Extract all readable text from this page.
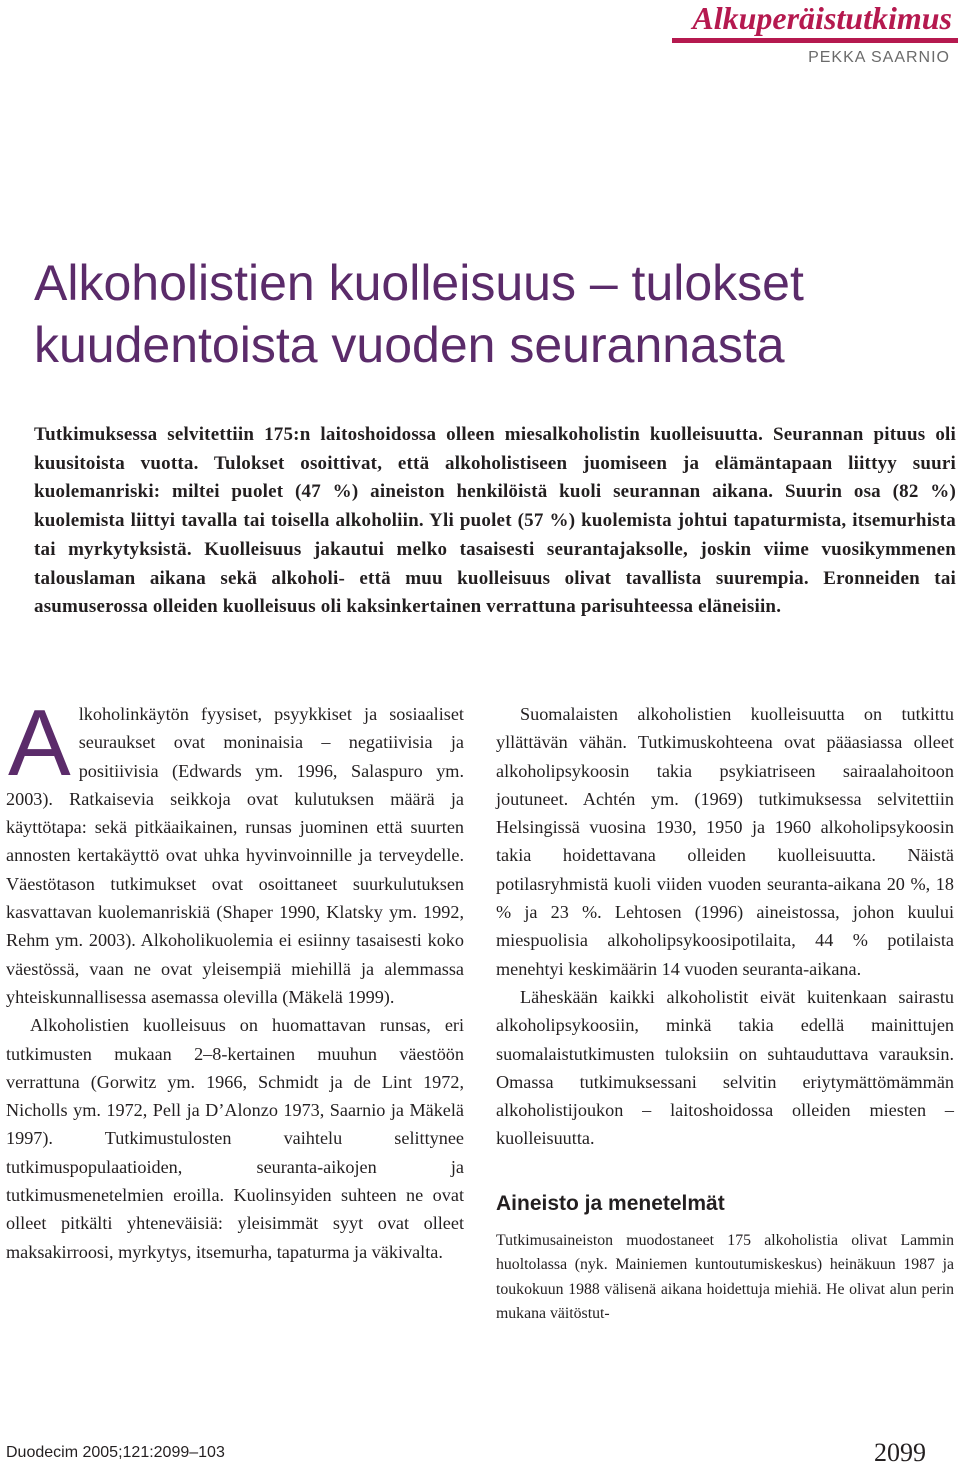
Alkuperäistutkimus

PEKKA SAARNIO

Alkoholistien kuolleisuus – tulokset kuudentoista vuoden seurannasta

Tutkimuksessa selvitettiin 175:n laitoshoidossa olleen miesalkoholistin kuolleisuutta. Seurannan pituus oli kuusitoista vuotta. Tulokset osoittivat, että alkoholistiseen juomiseen ja elämäntapaan liittyy suuri kuolemanriski: miltei puolet (47 %) aineiston henkilöistä kuoli seurannan aikana. Suurin osa (82 %) kuolemista liittyi tavalla tai toisella alkoholiin. Yli puolet (57 %) kuolemista johtui tapaturmista, itsemurhista tai myrkytyksistä. Kuolleisuus jakautui melko tasaisesti seurantajaksolle, joskin viime vuosikymmenen talouslaman aikana sekä alkoholi- että muu kuolleisuus olivat tavallista suurempia. Eronneiden tai asumuserossa olleiden kuolleisuus oli kaksinkertainen verrattuna parisuhteessa eläneisiin.

Alkoholinkäytön fyysiset, psyykkiset ja sosiaaliset seuraukset ovat moninaisia – negatiivisia ja positiivisia (Edwards ym. 1996, Salaspuro ym. 2003). Ratkaisevia seikkoja ovat kulutuksen määrä ja käyttötapa: sekä pitkäaikainen, runsas juominen että suurten annosten kertakäyttö ovat uhka hyvinvoinnille ja terveydelle. Väestötason tutkimukset ovat osoittaneet suurkulutuksen kasvattavan kuolemanriskiä (Shaper 1990, Klatsky ym. 1992, Rehm ym. 2003). Alkoholikuolemia ei esiinny tasaisesti koko väestössä, vaan ne ovat yleisempiä miehillä ja alemmassa yhteiskunnallisessa asemassa olevilla (Mäkelä 1999).

Alkoholistien kuolleisuus on huomattavan runsas, eri tutkimusten mukaan 2–8-kertainen muuhun väestöön verrattuna (Gorwitz ym. 1966, Schmidt ja de Lint 1972, Nicholls ym. 1972, Pell ja D’Alonzo 1973, Saarnio ja Mäkelä 1997). Tutkimustulosten vaihtelu selittynee tutkimuspopulaatioiden, seuranta-aikojen ja tutkimusmenetelmien eroilla. Kuolinsyiden suhteen ne ovat olleet pitkälti yhteneväisiä: yleisimmät syyt ovat olleet maksakirroosi, myrkytys, itsemurha, tapaturma ja väkivalta.

Suomalaisten alkoholistien kuolleisuutta on tutkittu yllättävän vähän. Tutkimuskohteena ovat pääasiassa olleet alkoholipsykoosin takia psykiatriseen sairaalahoitoon joutuneet. Achtén ym. (1969) tutkimuksessa selvitettiin Helsingissä vuosina 1930, 1950 ja 1960 alkoholipsykoosin takia hoidettavana olleiden kuolleisuutta. Näistä potilasryhmistä kuoli viiden vuoden seuranta-aikana 20 %, 18 % ja 23 %. Lehtosen (1996) aineistossa, johon kuului miespuolisia alkoholipsykoosipotilaita, 44 % potilaista menehtyi keskimäärin 14 vuoden seuranta-aikana.

Läheskään kaikki alkoholistit eivät kuitenkaan sairastu alkoholipsykoosiin, minkä takia edellä mainittujen suomalaistutkimusten tuloksiin on suhtauduttava varauksin. Omassa tutkimuksessani selvitin eriytymättömämmän alkoholistijoukon – laitoshoidossa olleiden miesten – kuolleisuutta.

Aineisto ja menetelmät

Tutkimusaineiston muodostaneet 175 alkoholistia olivat Lammin huoltolassa (nyk. Mainiemen kuntoutumiskeskus) heinäkuun 1987 ja toukokuun 1988 välisenä aikana hoidettuja miehiä. He olivat alun perin mukana väitöstut-

Duodecim 2005;121:2099–103	2099
